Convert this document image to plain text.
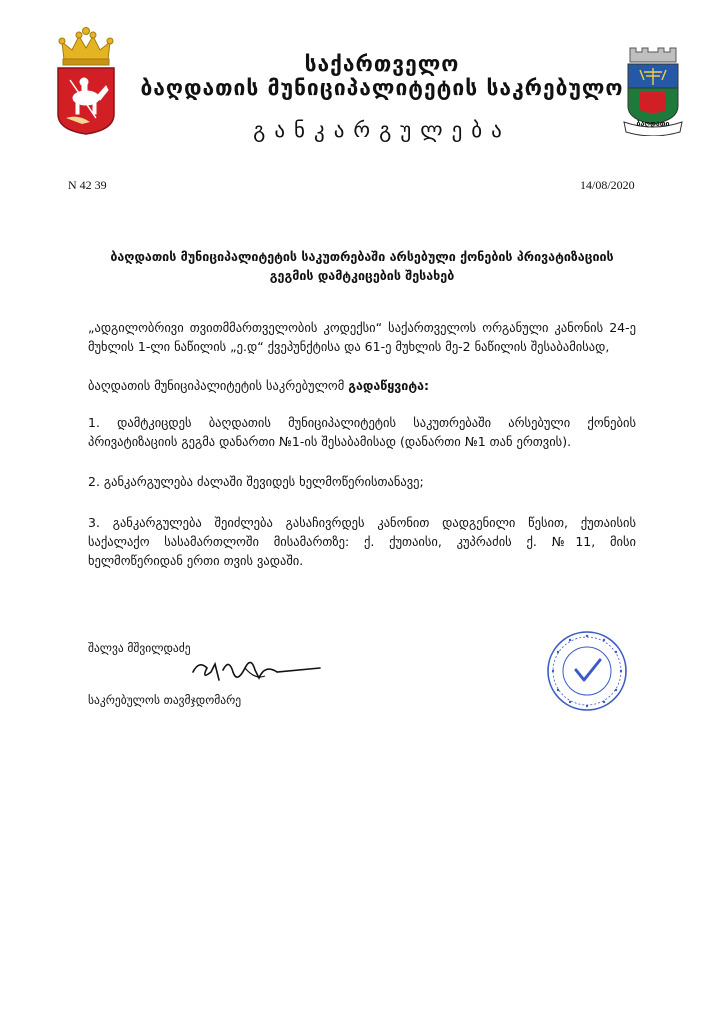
საქართველო
ბაღდათის მუნიციპალიტეტის საკრებულო
განკარგულება	ბაღდათი
N 42 39	14/08/2020
ბაღდათის მუნიციპალიტეტის საკუთრებაში არსებული ქონების პრივატიზაციის
გეგმის დამტკიცების შესახებ
„ადგილობრივი თვითმმართველობის კოდექსი“ საქართველოს ორგანული კანონის 24-ე მუხლის 1-ლი ნაწილის „ე.დ“ ქვეპუნქტისა და 61-ე მუხლის მე-2 ნაწილის შესაბამისად,
ბაღდათის მუნიციპალიტეტის საკრებულომ გადაწყვიტა:
1. დამტკიცდეს ბაღდათის მუნიციპალიტეტის საკუთრებაში არსებული ქონების პრივატიზაციის გეგმა დანართი №1-ის შესაბამისად (დანართი №1 თან ერთვის).
2. განკარგულება ძალაში შევიდეს ხელმოწერისთანავე;
3. განკარგულება შეიძლება გასაჩივრდეს კანონით დადგენილი წესით, ქუთაისის საქალაქო სასამართლოში მისამართზე: ქ. ქუთაისი, კუპრაძის ქ. №11, მისი ხელმოწერიდან ერთი თვის ვადაში.
შალვა მშვილდაძე
საკრებულოს თავმჯდომარე
